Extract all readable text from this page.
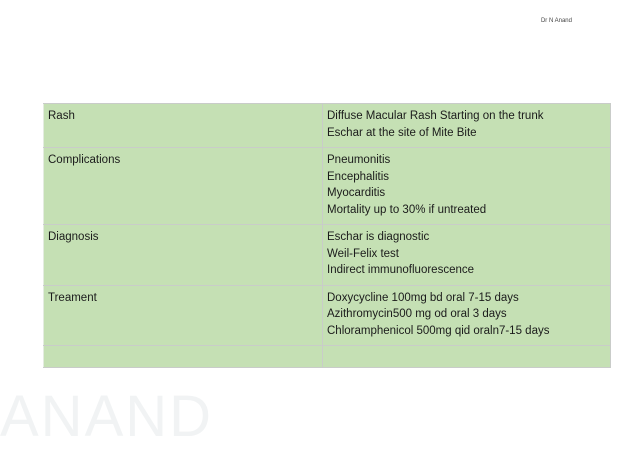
Dr N Anand
Rash	Diffuse Macular Rash Starting on the trunk
Eschar at the site of Mite Bite

Complications	Pneumonitis
Encephalitis
Myocarditis
Mortality up to 30% if untreated

Diagnosis	Eschar is diagnostic
Weil-Felix test
Indirect immunofluorescence

Treament	Doxycycline 100mg bd oral 7-15 days
Azithromycin500 mg od oral 3 days
Chloramphenicol 500mg qid oraln7-15 days

ANAND
